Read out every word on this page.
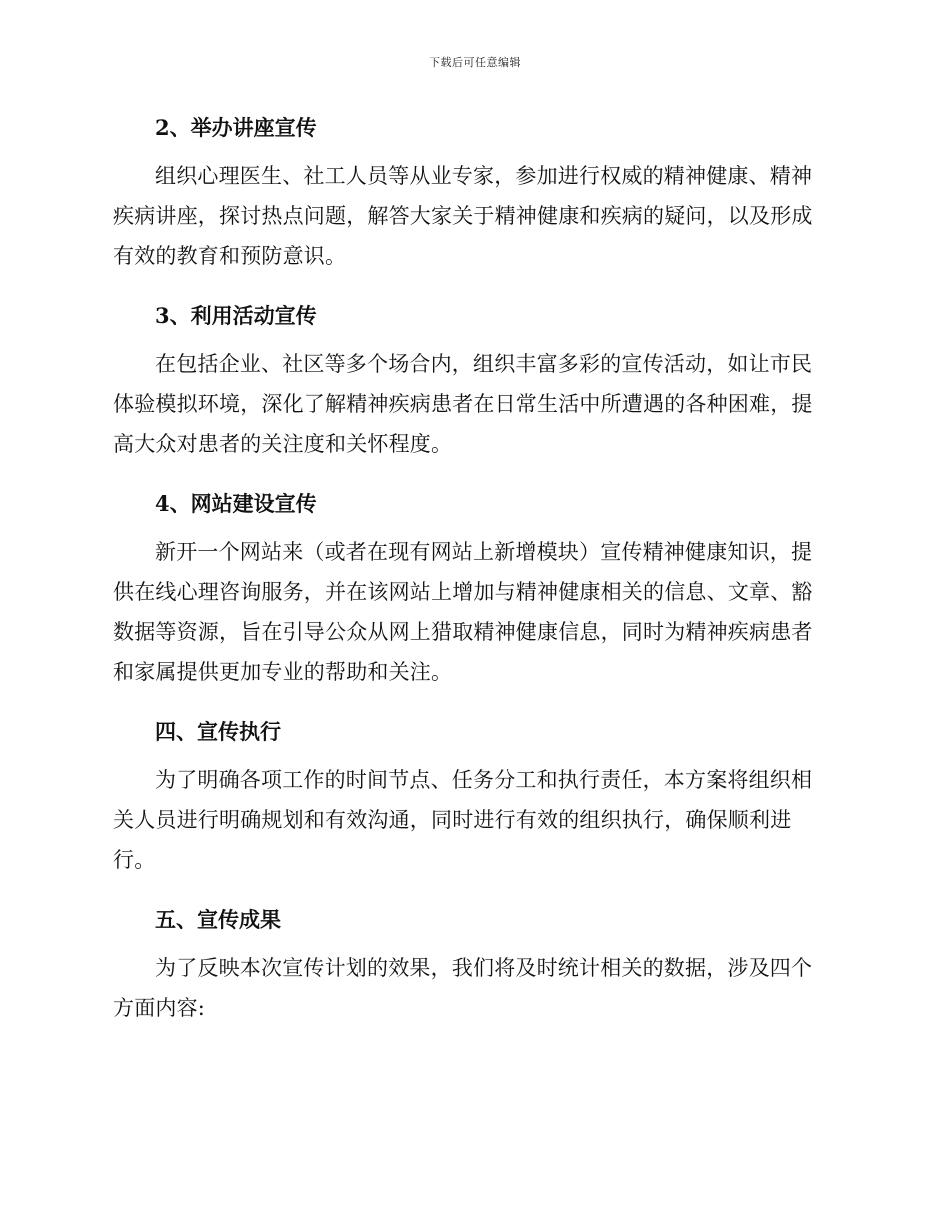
下载后可任意编辑
2、举办讲座宣传

组织心理医生、社工人员等从业专家，参加进行权威的精神健康、精神疾病讲座，探讨热点问题，解答大家关于精神健康和疾病的疑问，以及形成有效的教育和预防意识。

3、利用活动宣传

在包括企业、社区等多个场合内，组织丰富多彩的宣传活动，如让市民体验模拟环境，深化了解精神疾病患者在日常生活中所遭遇的各种困难，提高大众对患者的关注度和关怀程度。

4、网站建设宣传

新开一个网站来（或者在现有网站上新增模块）宣传精神健康知识，提供在线心理咨询服务，并在该网站上增加与精神健康相关的信息、文章、豁数据等资源，旨在引导公众从网上猎取精神健康信息，同时为精神疾病患者和家属提供更加专业的帮助和关注。

四、宣传执行

为了明确各项工作的时间节点、任务分工和执行责任，本方案将组织相关人员进行明确规划和有效沟通，同时进行有效的组织执行，确保顺利进行。

五、宣传成果

为了反映本次宣传计划的效果，我们将及时统计相关的数据，涉及四个方面内容:
